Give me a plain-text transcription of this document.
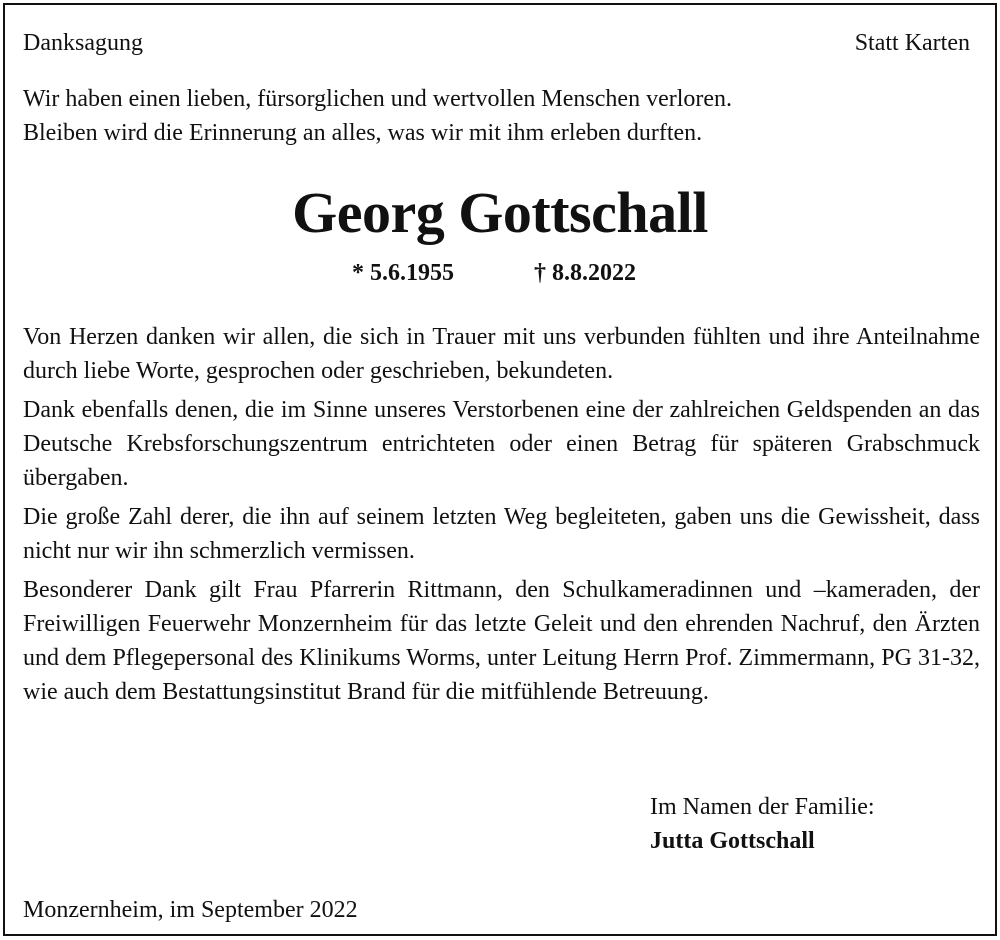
Danksagung	Statt Karten
Wir haben einen lieben, fürsorglichen und wertvollen Menschen verloren.
Bleiben wird die Erinnerung an alles, was wir mit ihm erleben durften.
Georg Gottschall
* 5.6.1955	† 8.8.2022

Von Herzen danken wir allen, die sich in Trauer mit uns verbunden fühlten und ihre Anteilnahme durch liebe Worte, gesprochen oder geschrieben, bekundeten.

Dank ebenfalls denen, die im Sinne unseres Verstorbenen eine der zahlreichen Geldspenden an das Deutsche Krebsforschungszentrum entrichteten oder einen Betrag für späteren Grabschmuck übergaben.

Die große Zahl derer, die ihn auf seinem letzten Weg begleiteten, gaben uns die Gewissheit, dass nicht nur wir ihn schmerzlich vermissen.

Besonderer Dank gilt Frau Pfarrerin Rittmann, den Schulkameradinnen und –kameraden, der Freiwilligen Feuerwehr Monzernheim für das letzte Geleit und den ehrenden Nachruf, den Ärzten und dem Pflegepersonal des Klinikums Worms, unter Leitung Herrn Prof. Zimmermann, PG 31-32, wie auch dem Bestattungsinstitut Brand für die mitfühlende Betreuung.

Im Namen der Familie:
Jutta Gottschall
Monzernheim, im September 2022
